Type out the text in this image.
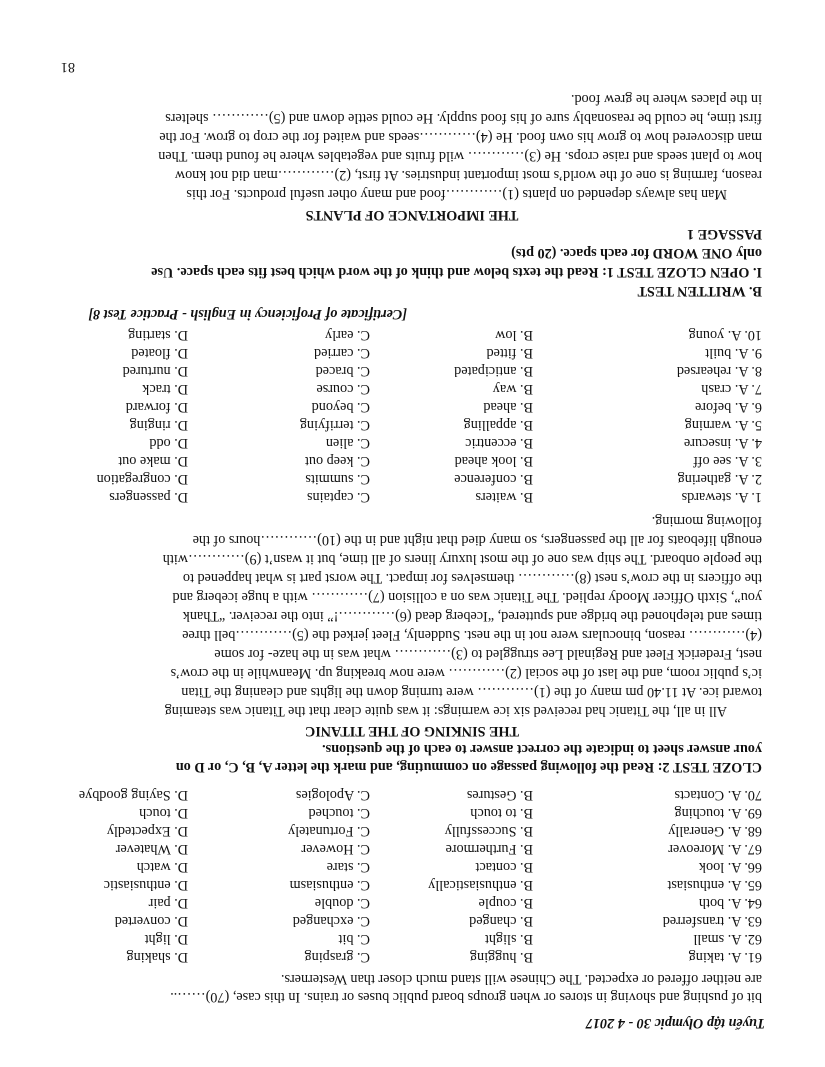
Tuyển tập Olympic 30 - 4 2017
bit of pushing and shoving in stores or when groups board public buses or trains. In this case, (70)……..
are neither offered or expected. The Chinese will stand much closer than Westerners.
61. A. taking
B. hugging
C. grasping
D. shaking
62. A. small
B. slight
C. bit
D. light
63. A. transferred
B. changed
C. exchanged
D. converted
64. A. both
B. couple
C. double
D. pair
65. A. enthusiast
B. enthusiastically
C. enthusiasm
D. enthusiastic
66. A. look
B. contact
C. stare
D. watch
67. A. Moreover
B. Furthermore
C. However
D. Whatever
68. A. Generally
B. Successfully
C. Fortunately
D. Expectedly
69. A. touching
B. to touch
C. touched
D. touch
70. A. Contacts
B. Gestures
C. Apologies
D. Saying goodbye
CLOZE TEST 2: Read the following passage on commuting, and mark the letter A, B, C, or D on
your answer sheet to indicate the correct answer to each of the questions.
THE SINKING OF THE TITANIC
All in all, the Titanic had received six ice warnings: it was quite clear that the Titanic was steaming
toward ice. At 11.40 pm many of the (1)………… were turning down the lights and cleaning the Titan
ic’s public room, and the last of the social (2)………… were now breaking up. Meanwhile in the crow’s
nest, Frederick Fleet and Reginald Lee struggled to (3)………… what was in the haze- for some
(4)………… reason, binoculars were not in the nest. Suddenly, Fleet jerked the (5)…………bell three
times and telephoned the bridge and sputtered, “Iceberg dead (6)…………!” into the receiver. “Thank
you”, Sixth Officer Moody replied. The Titanic was on a collision (7)………… with a huge iceberg and
the officers in the crow’s nest (8)………… themselves for impact. The worst part is what happened to
the people onboard. The ship was one of the most luxury liners of all time, but it wasn’t (9)…………with
enough lifeboats for all the passengers, so many died that night and in the (10)…………hours of the
following morning.
1. A. stewards
B. waiters
C. captains
D. passengers
2. A. gathering
B. conference
C. summits
D. congregation
3. A. see off
B. look ahead
C. keep out
D. make out
4. A. insecure
B. eccentric
C. alien
D. odd
5. A. warning
B. appalling
C. terrifying
D. ringing
6. A. before
B. ahead
C. beyond
D. forward
7. A. crash
B. way
C. course
D. track
8. A. rehearsed
B. anticipated
C. braced
D. nurtured
9. A. built
B. fitted
C. carried
D. floated
10. A. young
B. low
C. early
D. starting
[Certificate of Proficiency in English - Practice Test 8]
B. WRITTEN TEST
I. OPEN CLOZE TEST 1: Read the texts below and think of the word which best fits each space. Use
only ONE WORD for each space. (20 pts)
PASSAGE 1
THE IMPORTANCE OF PLANTS
Man has always depended on plants (1)…………food and many other useful products. For this
reason, farming is one of the world’s most important industries. At first, (2)…………man did not know
how to plant seeds and raise crops. He (3)………… wild fruits and vegetables where he found them. Then
man discovered how to grow his own food. He (4)…………seeds and waited for the crop to grow. For the
first time, he could be reasonably sure of his food supply. He could settle down and (5)………… shelters
in the places where he grew food.
81
